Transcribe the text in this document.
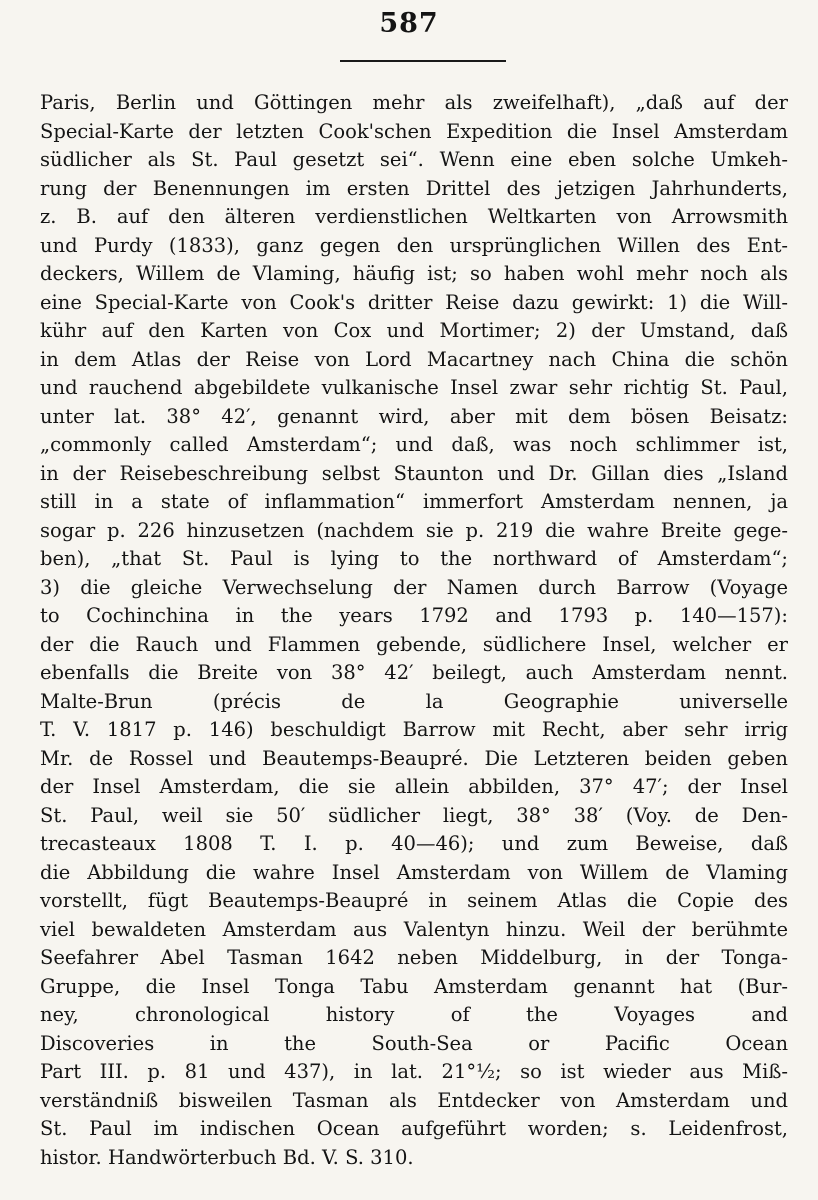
587
Paris, Berlin und Göttingen mehr als zweifelhaft), „daß auf der
Special-Karte der letzten Cook'schen Expedition die Insel Amsterdam
südlicher als St. Paul gesetzt sei“. Wenn eine eben solche Umkeh-
rung der Benennungen im ersten Drittel des jetzigen Jahrhunderts,
z. B. auf den älteren verdienstlichen Weltkarten von Arrowsmith
und Purdy (1833), ganz gegen den ursprünglichen Willen des Ent-
deckers, Willem de Vlaming, häufig ist; so haben wohl mehr noch als
eine Special-Karte von Cook's dritter Reise dazu gewirkt: 1) die Will-
kühr auf den Karten von Cox und Mortimer; 2) der Umstand, daß
in dem Atlas der Reise von Lord Macartney nach China die schön
und rauchend abgebildete vulkanische Insel zwar sehr richtig St. Paul,
unter lat. 38° 42′, genannt wird, aber mit dem bösen Beisatz:
„commonly called Amsterdam“; und daß, was noch schlimmer ist,
in der Reisebeschreibung selbst Staunton und Dr. Gillan dies „Island
still in a state of inflammation“ immerfort Amsterdam nennen, ja
sogar p. 226 hinzusetzen (nachdem sie p. 219 die wahre Breite gege-
ben), „that St. Paul is lying to the northward of Amsterdam“;
3) die gleiche Verwechselung der Namen durch Barrow (Voyage
to Cochinchina in the years 1792 and 1793 p. 140—157):
der die Rauch und Flammen gebende, südlichere Insel, welcher er
ebenfalls die Breite von 38° 42′ beilegt, auch Amsterdam nennt.
Malte-Brun (précis de la Geographie universelle
T. V. 1817 p. 146) beschuldigt Barrow mit Recht, aber sehr irrig
Mr. de Rossel und Beautemps-Beaupré. Die Letzteren beiden geben
der Insel Amsterdam, die sie allein abbilden, 37° 47′; der Insel
St. Paul, weil sie 50′ südlicher liegt, 38° 38′ (Voy. de Den-
trecasteaux 1808 T. I. p. 40—46); und zum Beweise, daß
die Abbildung die wahre Insel Amsterdam von Willem de Vlaming
vorstellt, fügt Beautemps-Beaupré in seinem Atlas die Copie des
viel bewaldeten Amsterdam aus Valentyn hinzu. Weil der berühmte
Seefahrer Abel Tasman 1642 neben Middelburg, in der Tonga-
Gruppe, die Insel Tonga Tabu Amsterdam genannt hat (Bur-
ney, chronological history of the Voyages and
Discoveries in the South-Sea or Pacific Ocean
Part III. p. 81 und 437), in lat. 21°½; so ist wieder aus Miß-
verständniß bisweilen Tasman als Entdecker von Amsterdam und
St. Paul im indischen Ocean aufgeführt worden; s. Leidenfrost,
histor. Handwörterbuch Bd. V. S. 310.
